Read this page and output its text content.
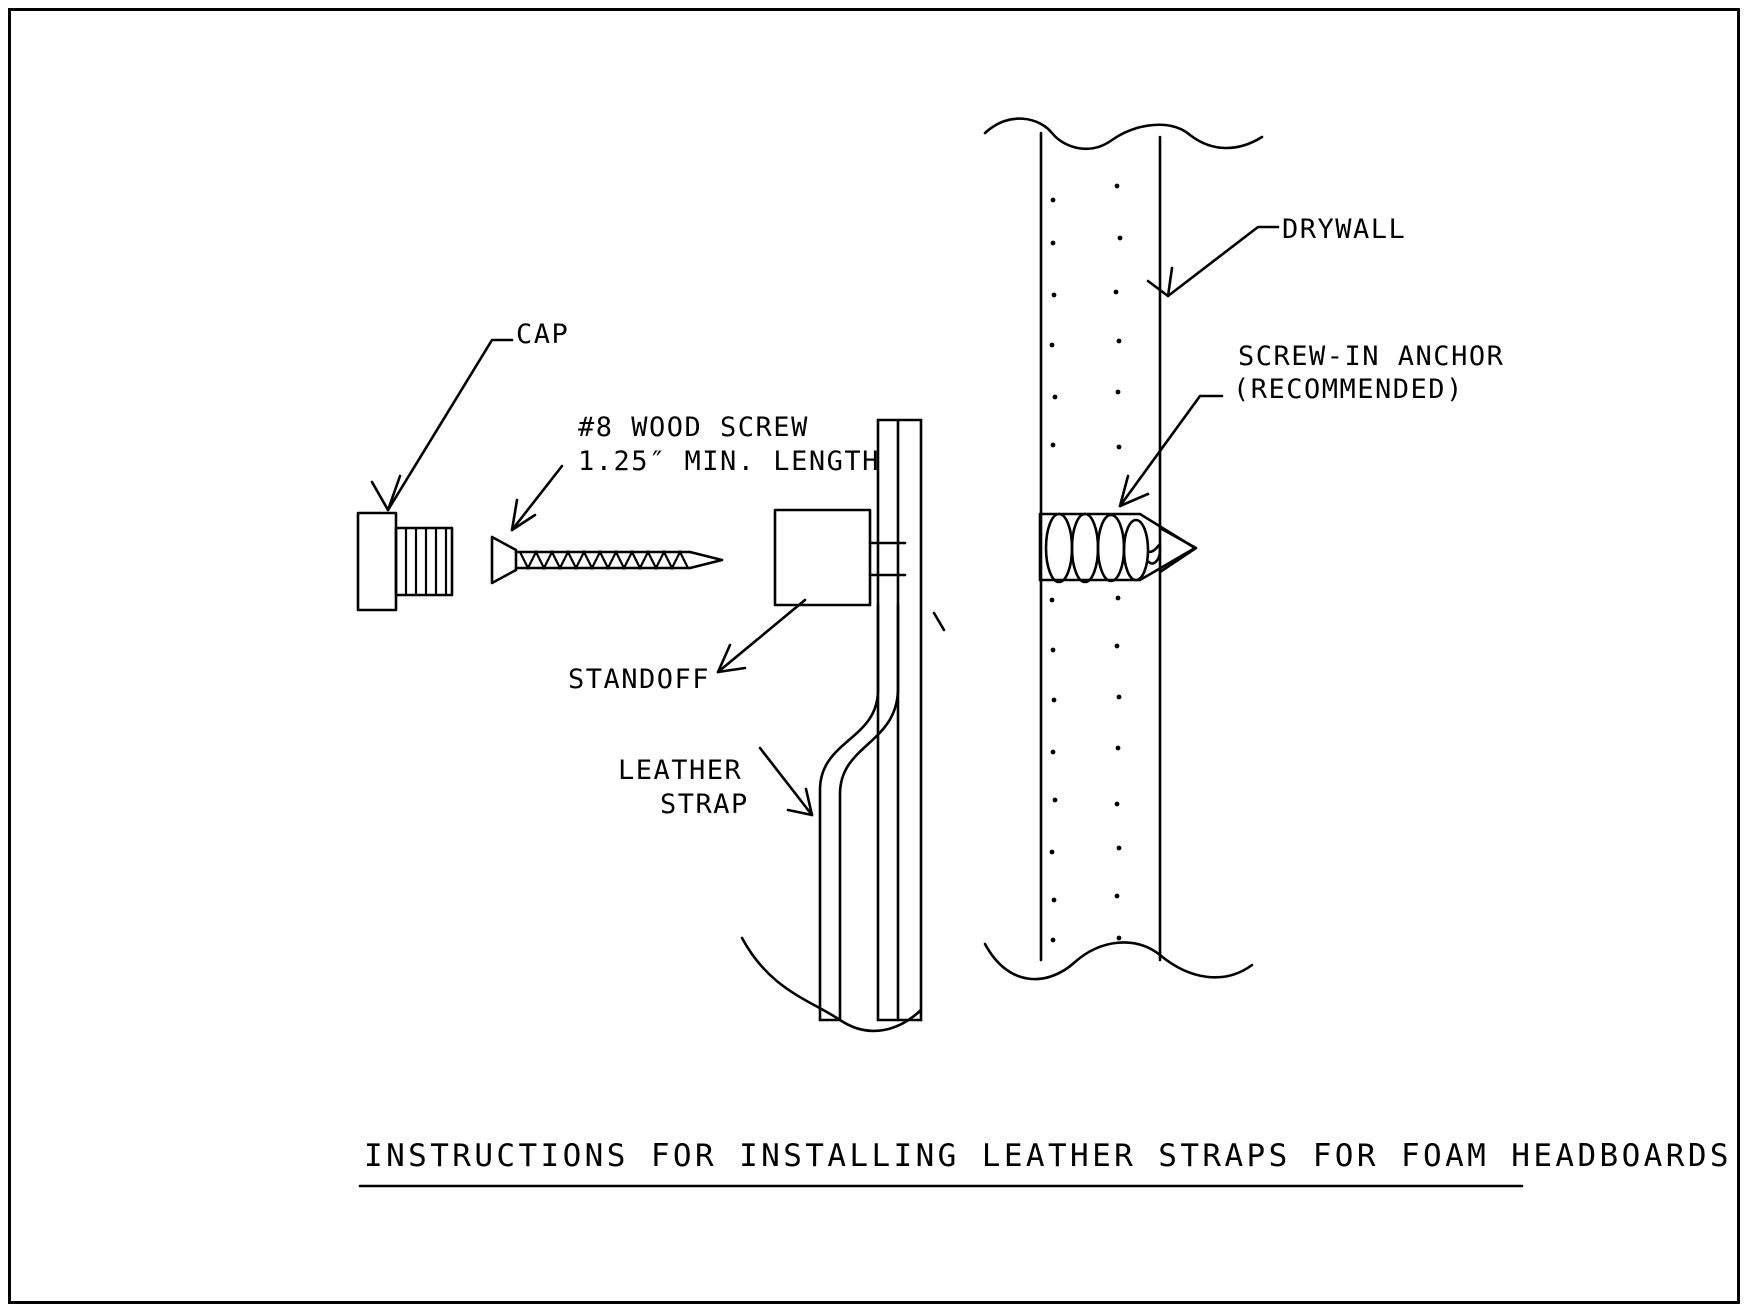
CAP
#8 WOOD SCREW
1.25″ MIN. LENGTH
STANDOFF
LEATHER
STRAP
DRYWALL
SCREW-IN ANCHOR
(RECOMMENDED)
INSTRUCTIONS FOR INSTALLING LEATHER STRAPS FOR FOAM HEADBOARDS
